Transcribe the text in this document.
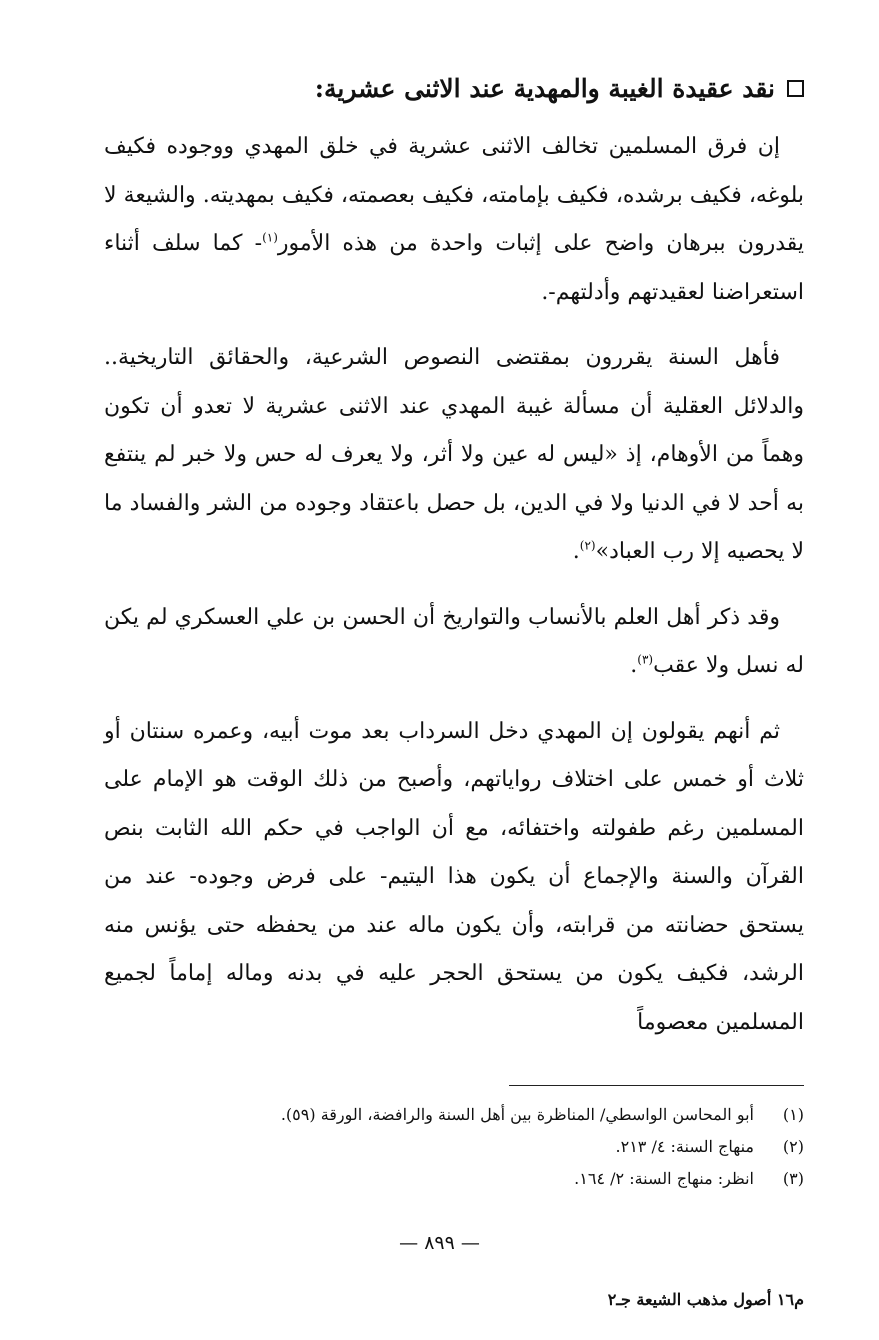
نقد عقيدة الغيبة والمهدية عند الاثنى عشرية:

إن فرق المسلمين تخالف الاثنى عشرية في خلق المهدي ووجوده فكيف بلوغه، فكيف برشده، فكيف بإمامته، فكيف بعصمته، فكيف بمهديته. والشيعة لا يقدرون ببرهان واضح على إثبات واحدة من هذه الأمور$^{(١)}$- كما سلف أثناء استعراضنا لعقيدتهم وأدلتهم-.

فأهل السنة يقررون بمقتضى النصوص الشرعية، والحقائق التاريخية.. والدلائل العقلية أن مسألة غيبة المهدي عند الاثنى عشرية لا تعدو أن تكون وهماً من الأوهام، إذ «ليس له عين ولا أثر، ولا يعرف له حس ولا خبر لم ينتفع به أحد لا في الدنيا ولا في الدين، بل حصل باعتقاد وجوده من الشر والفساد ما لا يحصيه إلا رب العباد»$^{(٢)}$.

وقد ذكر أهل العلم بالأنساب والتواريخ أن الحسن بن علي العسكري لم يكن له نسل ولا عقب$^{(٣)}$.

ثم أنهم يقولون إن المهدي دخل السرداب بعد موت أبيه، وعمره سنتان أو ثلاث أو خمس على اختلاف رواياتهم، وأصبح من ذلك الوقت هو الإمام على المسلمين رغم طفولته واختفائه، مع أن الواجب في حكم الله الثابت بنص القرآن والسنة والإجماع أن يكون هذا اليتيم- على فرض وجوده- عند من يستحق حضانته من قرابته، وأن يكون ماله عند من يحفظه حتى يؤنس منه الرشد، فكيف يكون من يستحق الحجر عليه في بدنه وماله إماماً لجميع المسلمين معصوماً

(١)
أبو المحاسن الواسطي/ المناظرة بين أهل السنة والرافضة، الورقة (٥٩).
(٢)
منهاج السنة: ٤/ ٢١٣.
(٣)
انظر: منهاج السنة: ٢/ ١٦٤.
— ٨٩٩ —
م١٦ أصول مذهب الشيعة جـ٢
